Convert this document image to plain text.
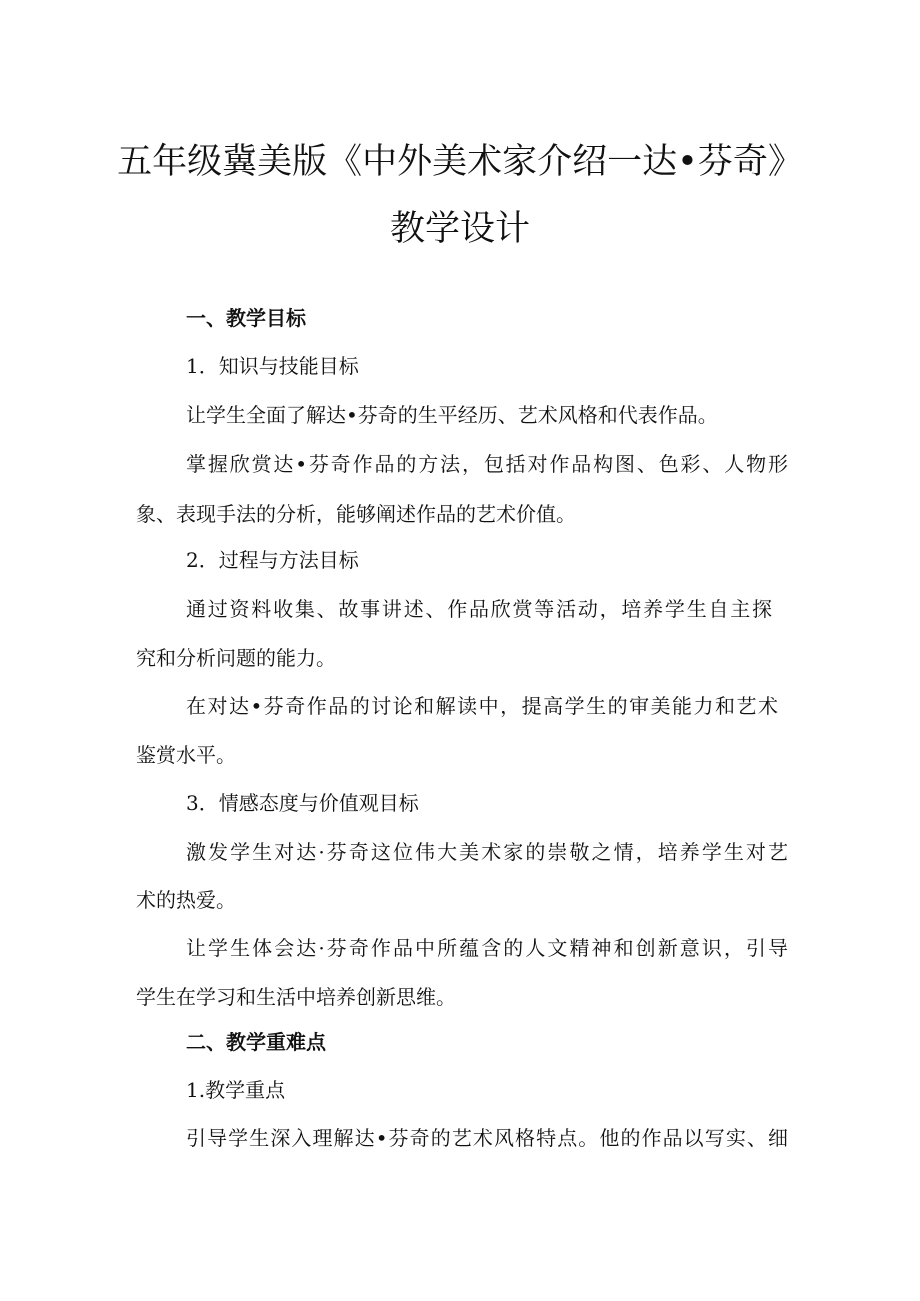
五年级冀美版《中外美术家介绍一达•芬奇》
教学设计
一、教学目标
1．知识与技能目标
让学生全面了解达•芬奇的生平经历、艺术风格和代表作品。
掌握欣赏达•芬奇作品的方法，包括对作品构图、色彩、人物形
象、表现手法的分析，能够阐述作品的艺术价值。
2．过程与方法目标
通过资料收集、故事讲述、作品欣赏等活动，培养学生自主探
究和分析问题的能力。
在对达•芬奇作品的讨论和解读中，提高学生的审美能力和艺术
鉴赏水平。
3．情感态度与价值观目标
激发学生对达·芬奇这位伟大美术家的崇敬之情，培养学生对艺
术的热爱。
让学生体会达·芬奇作品中所蕴含的人文精神和创新意识，引导
学生在学习和生活中培养创新思维。
二、教学重难点
1.教学重点
引导学生深入理解达•芬奇的艺术风格特点。他的作品以写实、细
